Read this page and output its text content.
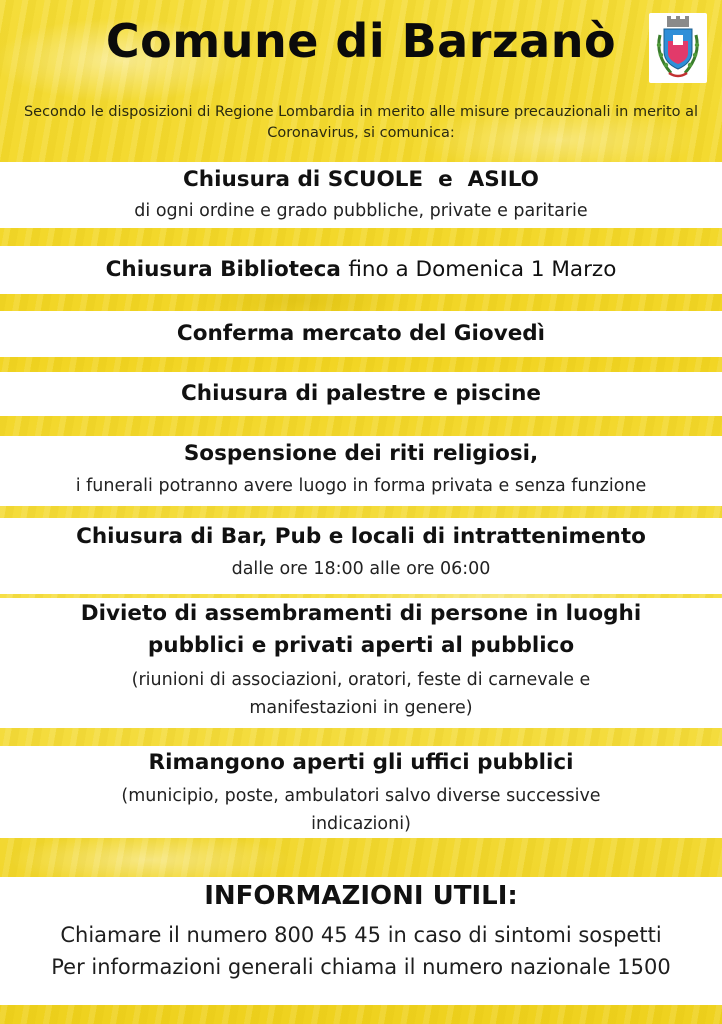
Comune di Barzanò

Secondo le disposizioni di Regione Lombardia in merito alle misure precauzionali in merito al Coronavirus, si comunica:

Chiusura di SCUOLE  e  ASILO
di ogni ordine e grado pubbliche, private e paritarie
Chiusura Biblioteca fino a Domenica 1 Marzo
Conferma mercato del Giovedì
Chiusura di palestre e piscine
Sospensione dei riti religiosi,
i funerali potranno avere luogo in forma privata e senza funzione
Chiusura di Bar, Pub e locali di intrattenimento
dalle ore 18:00 alle ore 06:00
Divieto di assembramenti di persone in luoghi
pubblici e privati aperti al pubblico
(riunioni di associazioni, oratori, feste di carnevale e
manifestazioni in genere)
Rimangono aperti gli uffici pubblici
(municipio, poste, ambulatori salvo diverse successive
indicazioni)
INFORMAZIONI UTILI:
Chiamare il numero 800 45 45 in caso di sintomi sospetti
Per informazioni generali chiama il numero nazionale 1500
